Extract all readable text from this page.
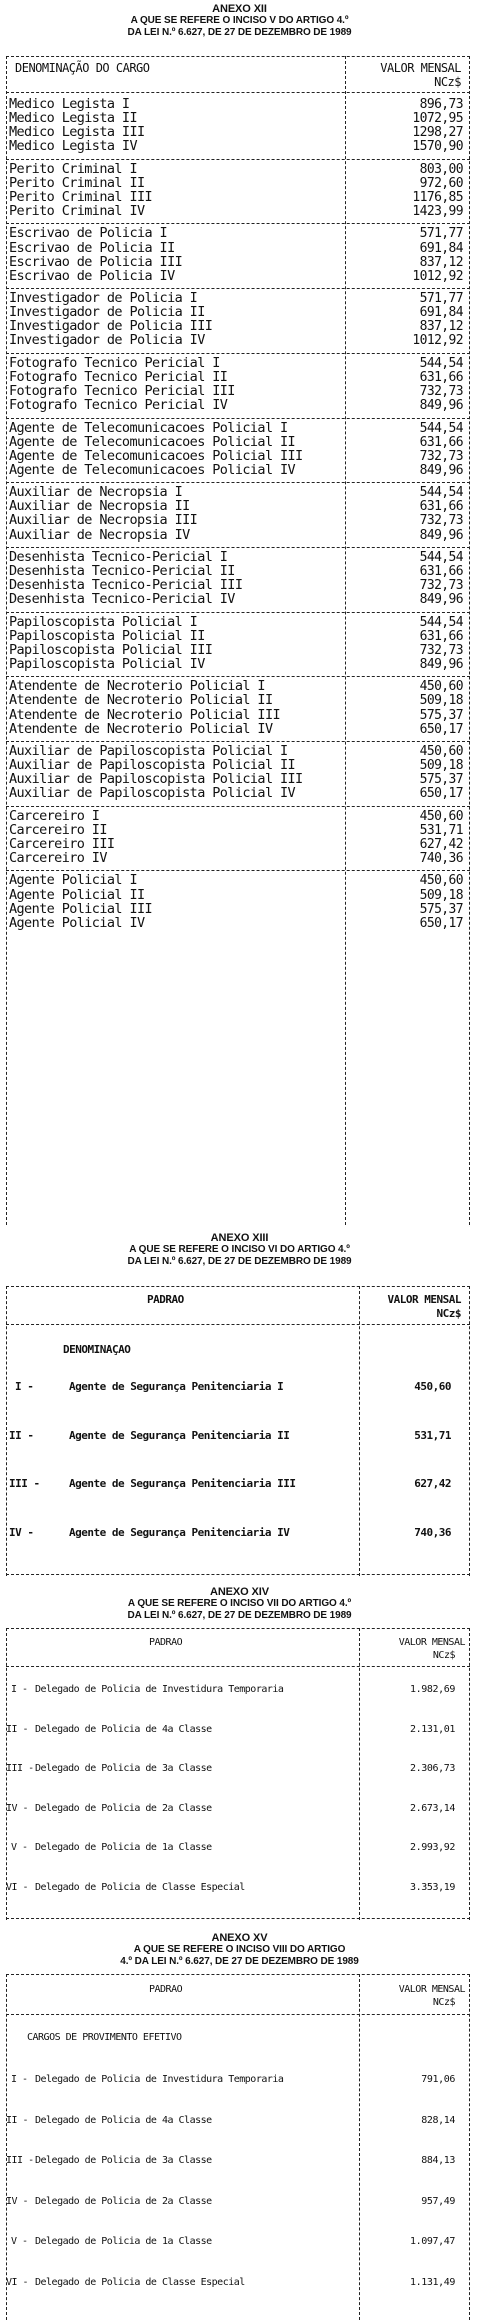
ANEXO XII
A QUE SE REFERE O INCISO V DO ARTIGO 4.º
DA LEI N.º 6.627, DE 27 DE DEZEMBRO DE 1989
DENOMINAÇÃO DO CARGO	VALOR MENSAL
NCz$
Medico Legista I	896,73
Medico Legista II	1072,95
Medico Legista III	1298,27
Medico Legista IV	1570,90
Perito Criminal I	803,00
Perito Criminal II	972,60
Perito Criminal III	1176,85
Perito Criminal IV	1423,99
Escrivao de Policia I	571,77
Escrivao de Policia II	691,84
Escrivao de Policia III	837,12
Escrivao de Policia IV	1012,92
Investigador de Policia I	571,77
Investigador de Policia II	691,84
Investigador de Policia III	837,12
Investigador de Policia IV	1012,92
Fotografo Tecnico Pericial I	544,54
Fotografo Tecnico Pericial II	631,66
Fotografo Tecnico Pericial III	732,73
Fotografo Tecnico Pericial IV	849,96
Agente de Telecomunicacoes Policial I	544,54
Agente de Telecomunicacoes Policial II	631,66
Agente de Telecomunicacoes Policial III	732,73
Agente de Telecomunicacoes Policial IV	849,96
Auxiliar de Necropsia I	544,54
Auxiliar de Necropsia II	631,66
Auxiliar de Necropsia III	732,73
Auxiliar de Necropsia IV	849,96
Desenhista Tecnico-Pericial I	544,54
Desenhista Tecnico-Pericial II	631,66
Desenhista Tecnico-Pericial III	732,73
Desenhista Tecnico-Pericial IV	849,96
Papiloscopista Policial I	544,54
Papiloscopista Policial II	631,66
Papiloscopista Policial III	732,73
Papiloscopista Policial IV	849,96
Atendente de Necroterio Policial I	450,60
Atendente de Necroterio Policial II	509,18
Atendente de Necroterio Policial III	575,37
Atendente de Necroterio Policial IV	650,17
Auxiliar de Papiloscopista Policial I	450,60
Auxiliar de Papiloscopista Policial II	509,18
Auxiliar de Papiloscopista Policial III	575,37
Auxiliar de Papiloscopista Policial IV	650,17
Carcereiro I	450,60
Carcereiro II	531,71
Carcereiro III	627,42
Carcereiro IV	740,36
Agente Policial I	450,60
Agente Policial II	509,18
Agente Policial III	575,37
Agente Policial IV	650,17
ANEXO XIII
A QUE SE REFERE O INCISO VI DO ARTIGO 4.º
DA LEI N.º 6.627, DE 27 DE DEZEMBRO DE 1989
PADRAO	VALOR MENSAL
NCz$
DENOMINAÇAO
I -	Agente de Segurança Penitenciaria I	450,60
II -	Agente de Segurança Penitenciaria II	531,71
III -	Agente de Segurança Penitenciaria III	627,42
IV -	Agente de Segurança Penitenciaria IV	740,36
ANEXO XIV
A QUE SE REFERE O INCISO VII DO ARTIGO 4.º
DA LEI N.º 6.627, DE 27 DE DEZEMBRO DE 1989
PADRAO	VALOR MENSAL
NCz$
I - Delegado de Policia de Investidura Temporaria	1.982,69
II - Delegado de Policia de 4a Classe	2.131,01
III - Delegado de Policia de 3a Classe	2.306,73
IV - Delegado de Policia de 2a Classe	2.673,14
V - Delegado de Policia de 1a Classe	2.993,92
VI - Delegado de Policia de Classe Especial	3.353,19
ANEXO XV
A QUE SE REFERE O INCISO VIII DO ARTIGO
4.º DA LEI N.º 6.627, DE 27 DE DEZEMBRO DE 1989
PADRAO	VALOR MENSAL
NCz$
CARGOS DE PROVIMENTO EFETIVO
I - Delegado de Policia de Investidura Temporaria	791,06
II - Delegado de Policia de 4a Classe	828,14
III - Delegado de Policia de 3a Classe	884,13
IV - Delegado de Policia de 2a Classe	957,49
V - Delegado de Policia de 1a Classe	1.097,47
VI - Delegado de Policia de Classe Especial	1.131,49
